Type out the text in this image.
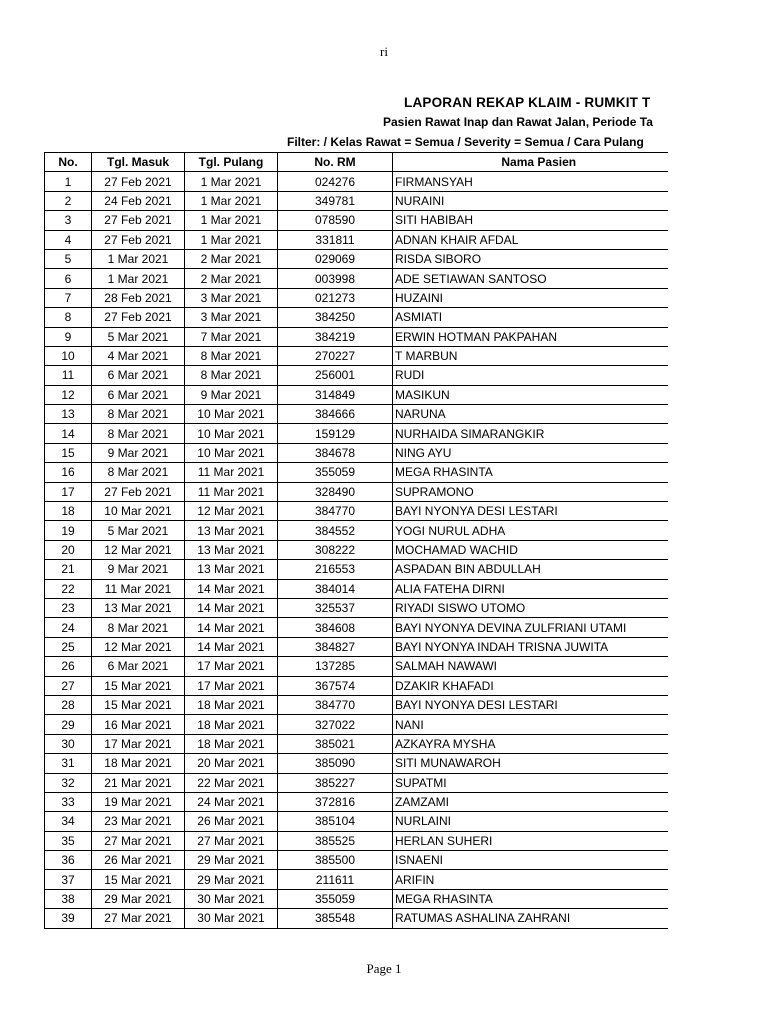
ri
LAPORAN REKAP KLAIM - RUMKIT T
Pasien Rawat Inap dan Rawat Jalan, Periode Ta
Filter: / Kelas Rawat = Semua / Severity = Semua / Cara Pulang
No.	Tgl. Masuk	Tgl. Pulang	No. RM	Nama Pasien
1	27 Feb 2021	1 Mar 2021	024276	FIRMANSYAH
2	24 Feb 2021	1 Mar 2021	349781	NURAINI
3	27 Feb 2021	1 Mar 2021	078590	SITI HABIBAH
4	27 Feb 2021	1 Mar 2021	331811	ADNAN KHAIR AFDAL
5	1 Mar 2021	2 Mar 2021	029069	RISDA SIBORO
6	1 Mar 2021	2 Mar 2021	003998	ADE SETIAWAN SANTOSO
7	28 Feb 2021	3 Mar 2021	021273	HUZAINI
8	27 Feb 2021	3 Mar 2021	384250	ASMIATI
9	5 Mar 2021	7 Mar 2021	384219	ERWIN HOTMAN PAKPAHAN
10	4 Mar 2021	8 Mar 2021	270227	T MARBUN
11	6 Mar 2021	8 Mar 2021	256001	RUDI
12	6 Mar 2021	9 Mar 2021	314849	MASIKUN
13	8 Mar 2021	10 Mar 2021	384666	NARUNA
14	8 Mar 2021	10 Mar 2021	159129	NURHAIDA SIMARANGKIR
15	9 Mar 2021	10 Mar 2021	384678	NING AYU
16	8 Mar 2021	11 Mar 2021	355059	MEGA RHASINTA
17	27 Feb 2021	11 Mar 2021	328490	SUPRAMONO
18	10 Mar 2021	12 Mar 2021	384770	BAYI NYONYA DESI LESTARI
19	5 Mar 2021	13 Mar 2021	384552	YOGI NURUL ADHA
20	12 Mar 2021	13 Mar 2021	308222	MOCHAMAD WACHID
21	9 Mar 2021	13 Mar 2021	216553	ASPADAN BIN ABDULLAH
22	11 Mar 2021	14 Mar 2021	384014	ALIA FATEHA DIRNI
23	13 Mar 2021	14 Mar 2021	325537	RIYADI SISWO UTOMO
24	8 Mar 2021	14 Mar 2021	384608	BAYI NYONYA DEVINA ZULFRIANI UTAMI
25	12 Mar 2021	14 Mar 2021	384827	BAYI NYONYA INDAH TRISNA JUWITA
26	6 Mar 2021	17 Mar 2021	137285	SALMAH NAWAWI
27	15 Mar 2021	17 Mar 2021	367574	DZAKIR KHAFADI
28	15 Mar 2021	18 Mar 2021	384770	BAYI NYONYA DESI LESTARI
29	16 Mar 2021	18 Mar 2021	327022	NANI
30	17 Mar 2021	18 Mar 2021	385021	AZKAYRA MYSHA
31	18 Mar 2021	20 Mar 2021	385090	SITI MUNAWAROH
32	21 Mar 2021	22 Mar 2021	385227	SUPATMI
33	19 Mar 2021	24 Mar 2021	372816	ZAMZAMI
34	23 Mar 2021	26 Mar 2021	385104	NURLAINI
35	27 Mar 2021	27 Mar 2021	385525	HERLAN SUHERI
36	26 Mar 2021	29 Mar 2021	385500	ISNAENI
37	15 Mar 2021	29 Mar 2021	211611	ARIFIN
38	29 Mar 2021	30 Mar 2021	355059	MEGA RHASINTA
39	27 Mar 2021	30 Mar 2021	385548	RATUMAS ASHALINA ZAHRANI
Page 1
